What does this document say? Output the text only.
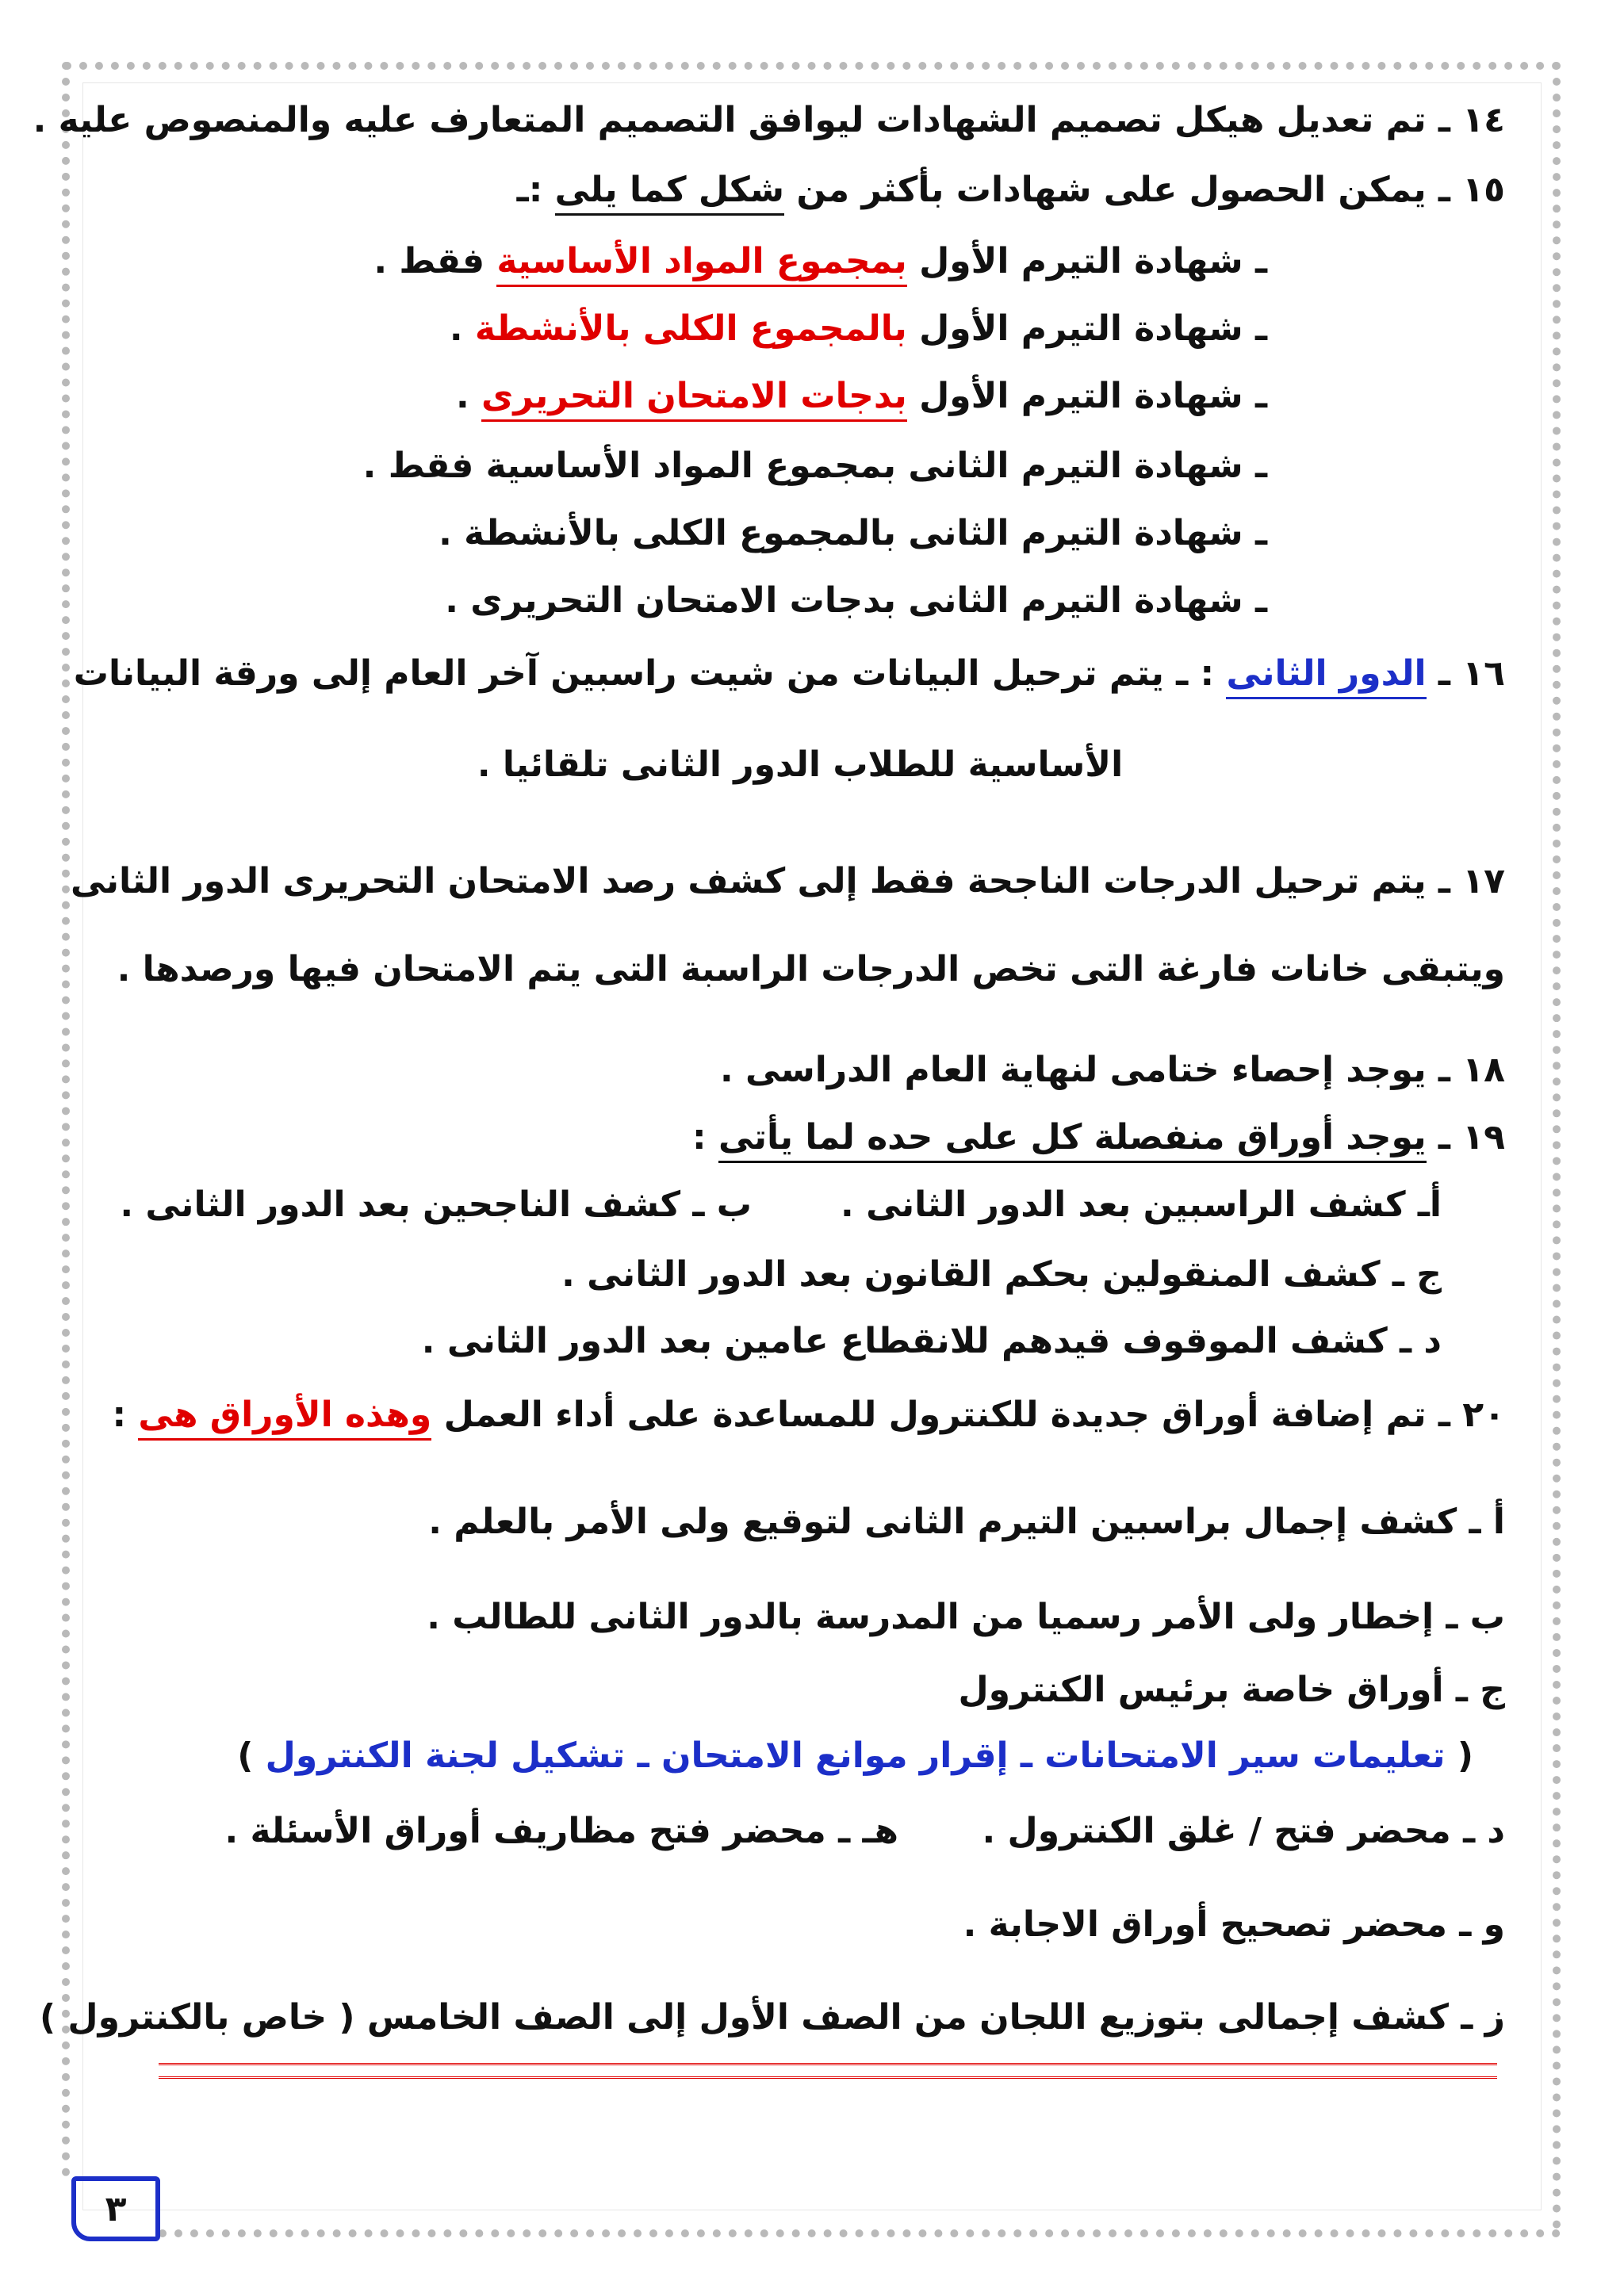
١٤ ـ تم تعديل هيكل تصميم الشهادات ليوافق التصميم المتعارف عليه والمنصوص عليه .
١٥ ـ يمكن الحصول على شهادات بأكثر من شكل كما يلى :ـ
ـ شهادة التيرم الأول بمجموع المواد الأساسية فقط .
ـ شهادة التيرم الأول بالمجموع الكلى بالأنشطة .
ـ شهادة التيرم الأول بدجات الامتحان التحريرى .
ـ شهادة التيرم الثانى بمجموع المواد الأساسية فقط .
ـ شهادة التيرم الثانى بالمجموع الكلى بالأنشطة .
ـ شهادة التيرم الثانى بدجات الامتحان التحريرى .
١٦ ـ الدور الثانى : ـ يتم ترحيل البيانات من شيت راسبين آخر العام إلى ورقة البيانات
الأساسية للطلاب الدور الثانى تلقائيا .
١٧ ـ يتم ترحيل الدرجات الناجحة فقط إلى كشف رصد الامتحان التحريرى الدور الثانى
ويتبقى خانات فارغة التى تخص الدرجات الراسبة التى يتم الامتحان فيها ورصدها .
١٨ ـ يوجد إحصاء ختامى لنهاية العام الدراسى .
١٩ ـ يوجد أوراق منفصلة كل على حده لما يأتى :
أـ كشف الراسبين بعد الدور الثانى .
ب ـ كشف الناجحين بعد الدور الثانى .
ج ـ كشف المنقولين بحكم القانون بعد الدور الثانى .
د ـ كشف الموقوف قيدهم للانقطاع عامين بعد الدور الثانى .
٢٠ ـ تم إضافة أوراق جديدة للكنترول للمساعدة على أداء العمل وهذه الأوراق هى :
أ ـ كشف إجمال براسبين التيرم الثانى لتوقيع ولى الأمر بالعلم .
ب ـ إخطار ولى الأمر رسميا من المدرسة بالدور الثانى للطالب .
ج ـ أوراق خاصة برئيس الكنترول
( تعليمات سير الامتحانات ـ إقرار موانع الامتحان ـ تشكيل لجنة الكنترول )
د ـ محضر فتح / غلق الكنترول .
هـ ـ محضر فتح مظاريف أوراق الأسئلة .
و ـ محضر تصحيح أوراق الاجابة .
ز ـ كشف إجمالى بتوزيع اللجان من الصف الأول إلى الصف الخامس ( خاص بالكنترول )
٣
